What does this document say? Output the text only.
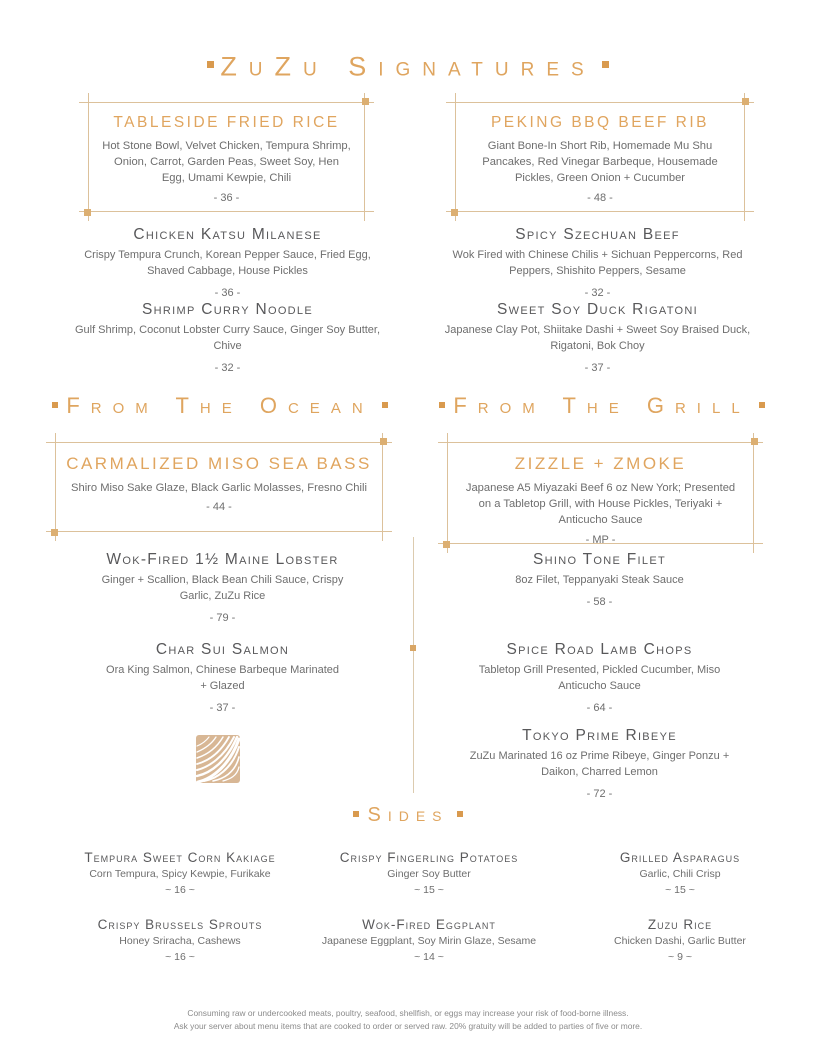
ZuZu Signatures
TABLESIDE FRIED RICE
Hot Stone Bowl, Velvet Chicken, Tempura Shrimp, Onion, Carrot, Garden Peas, Sweet Soy, Hen Egg, Umami Kewpie, Chili
- 36 -
PEKING BBQ BEEF RIB
Giant Bone-In Short Rib, Homemade Mu Shu Pancakes, Red Vinegar Barbeque, Housemade Pickles, Green Onion + Cucumber
- 48 -
Chicken Katsu Milanese
Crispy Tempura Crunch, Korean Pepper Sauce, Fried Egg, Shaved Cabbage, House Pickles
- 36 -
Spicy Szechuan Beef
Wok Fired with Chinese Chilis + Sichuan Peppercorns, Red Peppers, Shishito Peppers, Sesame
- 32 -
Shrimp Curry Noodle
Gulf Shrimp, Coconut Lobster Curry Sauce, Ginger Soy Butter, Chive
- 32 -
Sweet Soy Duck Rigatoni
Japanese Clay Pot, Shiitake Dashi + Sweet Soy Braised Duck, Rigatoni, Bok Choy
- 37 -
From The Ocean	From The Grill
CARMALIZED MISO SEA BASS
Shiro Miso Sake Glaze, Black Garlic Molasses, Fresno Chili
- 44 -
ZIZZLE + ZMOKE
Japanese A5 Miyazaki Beef 6 oz New York; Presented on a Tabletop Grill, with House Pickles, Teriyaki + Anticucho Sauce
- MP -
Wok-Fired 1½ Maine Lobster
Ginger + Scallion, Black Bean Chili Sauce, Crispy Garlic, ZuZu Rice
- 79 -
Char Sui Salmon
Ora King Salmon, Chinese Barbeque Marinated + Glazed
- 37 -
Shino Tone Filet
8oz Filet, Teppanyaki Steak Sauce
- 58 -
Spice Road Lamb Chops
Tabletop Grill Presented, Pickled Cucumber, Miso Anticucho Sauce
- 64 -
Tokyo Prime Ribeye
ZuZu Marinated 16 oz Prime Ribeye, Ginger Ponzu + Daikon, Charred Lemon
- 72 -
Sides
Tempura Sweet Corn Kakiage
Corn Tempura, Spicy Kewpie, Furikake
~ 16 ~
Crispy Fingerling Potatoes
Ginger Soy Butter
~ 15 ~
Grilled Asparagus
Garlic, Chili Crisp
~ 15 ~
Crispy Brussels Sprouts
Honey Sriracha, Cashews
~ 16 ~
Wok-Fired Eggplant
Japanese Eggplant, Soy Mirin Glaze, Sesame
~ 14 ~
Zuzu Rice
Chicken Dashi, Garlic Butter
~ 9 ~
Consuming raw or undercooked meats, poultry, seafood, shellfish, or eggs may increase your risk of food-borne illness.
Ask your server about menu items that are cooked to order or served raw. 20% gratuity will be added to parties of five or more.
